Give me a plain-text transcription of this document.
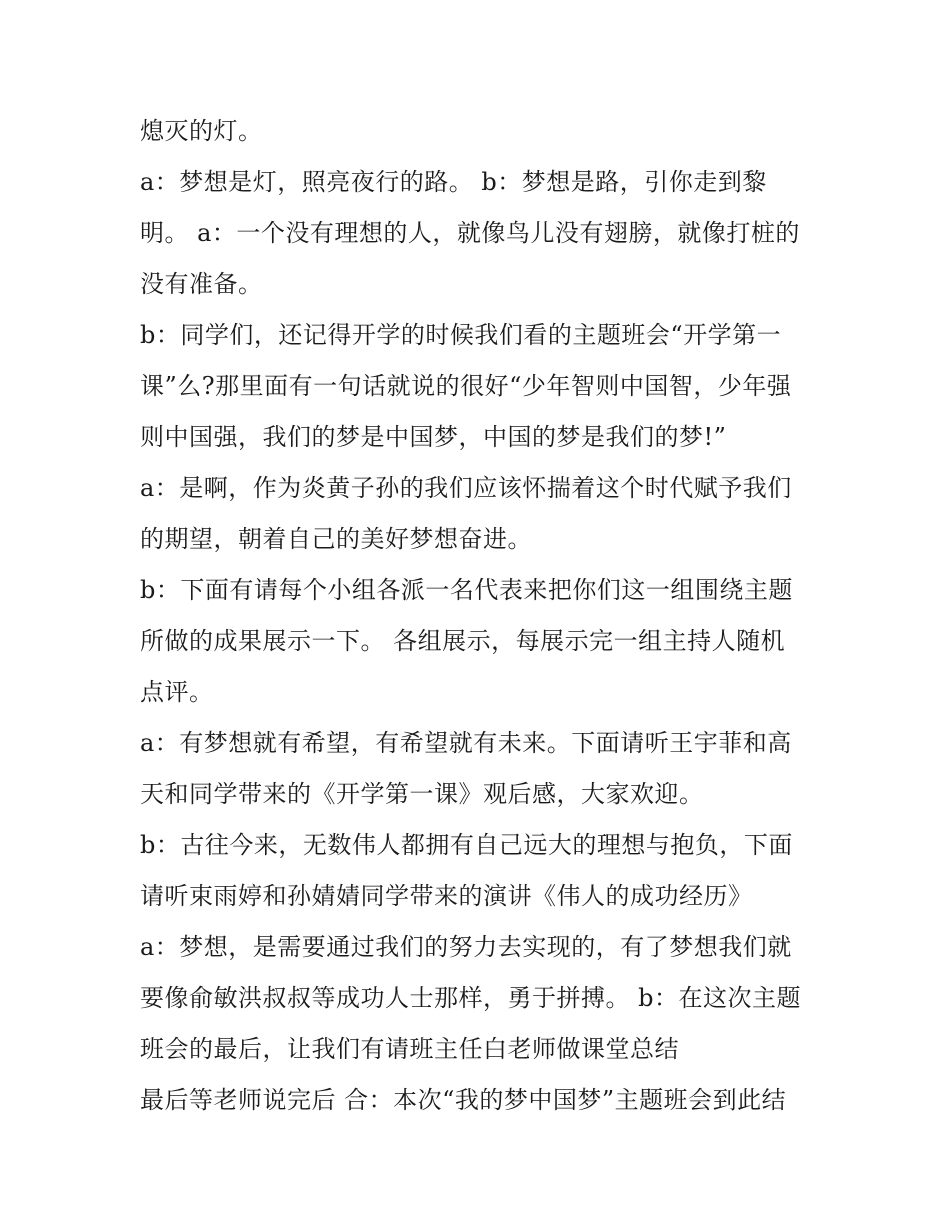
熄灭的灯。
a：梦想是灯，照亮夜行的路。 b：梦想是路，引你走到黎
明。 a：一个没有理想的人，就像鸟儿没有翅膀，就像打桩的
没有准备。
b：同学们，还记得开学的时候我们看的主题班会“开学第一
课”么?那里面有一句话就说的很好“少年智则中国智，少年强
则中国强，我们的梦是中国梦，中国的梦是我们的梦!”
a：是啊，作为炎黄子孙的我们应该怀揣着这个时代赋予我们
的期望，朝着自己的美好梦想奋进。
b：下面有请每个小组各派一名代表来把你们这一组围绕主题
所做的成果展示一下。 各组展示，每展示完一组主持人随机
点评。
a：有梦想就有希望，有希望就有未来。下面请听王宇菲和高
天和同学带来的《开学第一课》观后感，大家欢迎。
b：古往今来，无数伟人都拥有自己远大的理想与抱负，下面
请听束雨婷和孙婧婧同学带来的演讲《伟人的成功经历》
a：梦想，是需要通过我们的努力去实现的，有了梦想我们就
要像俞敏洪叔叔等成功人士那样，勇于拼搏。 b：在这次主题
班会的最后，让我们有请班主任白老师做课堂总结
最后等老师说完后 合：本次“我的梦中国梦”主题班会到此结
